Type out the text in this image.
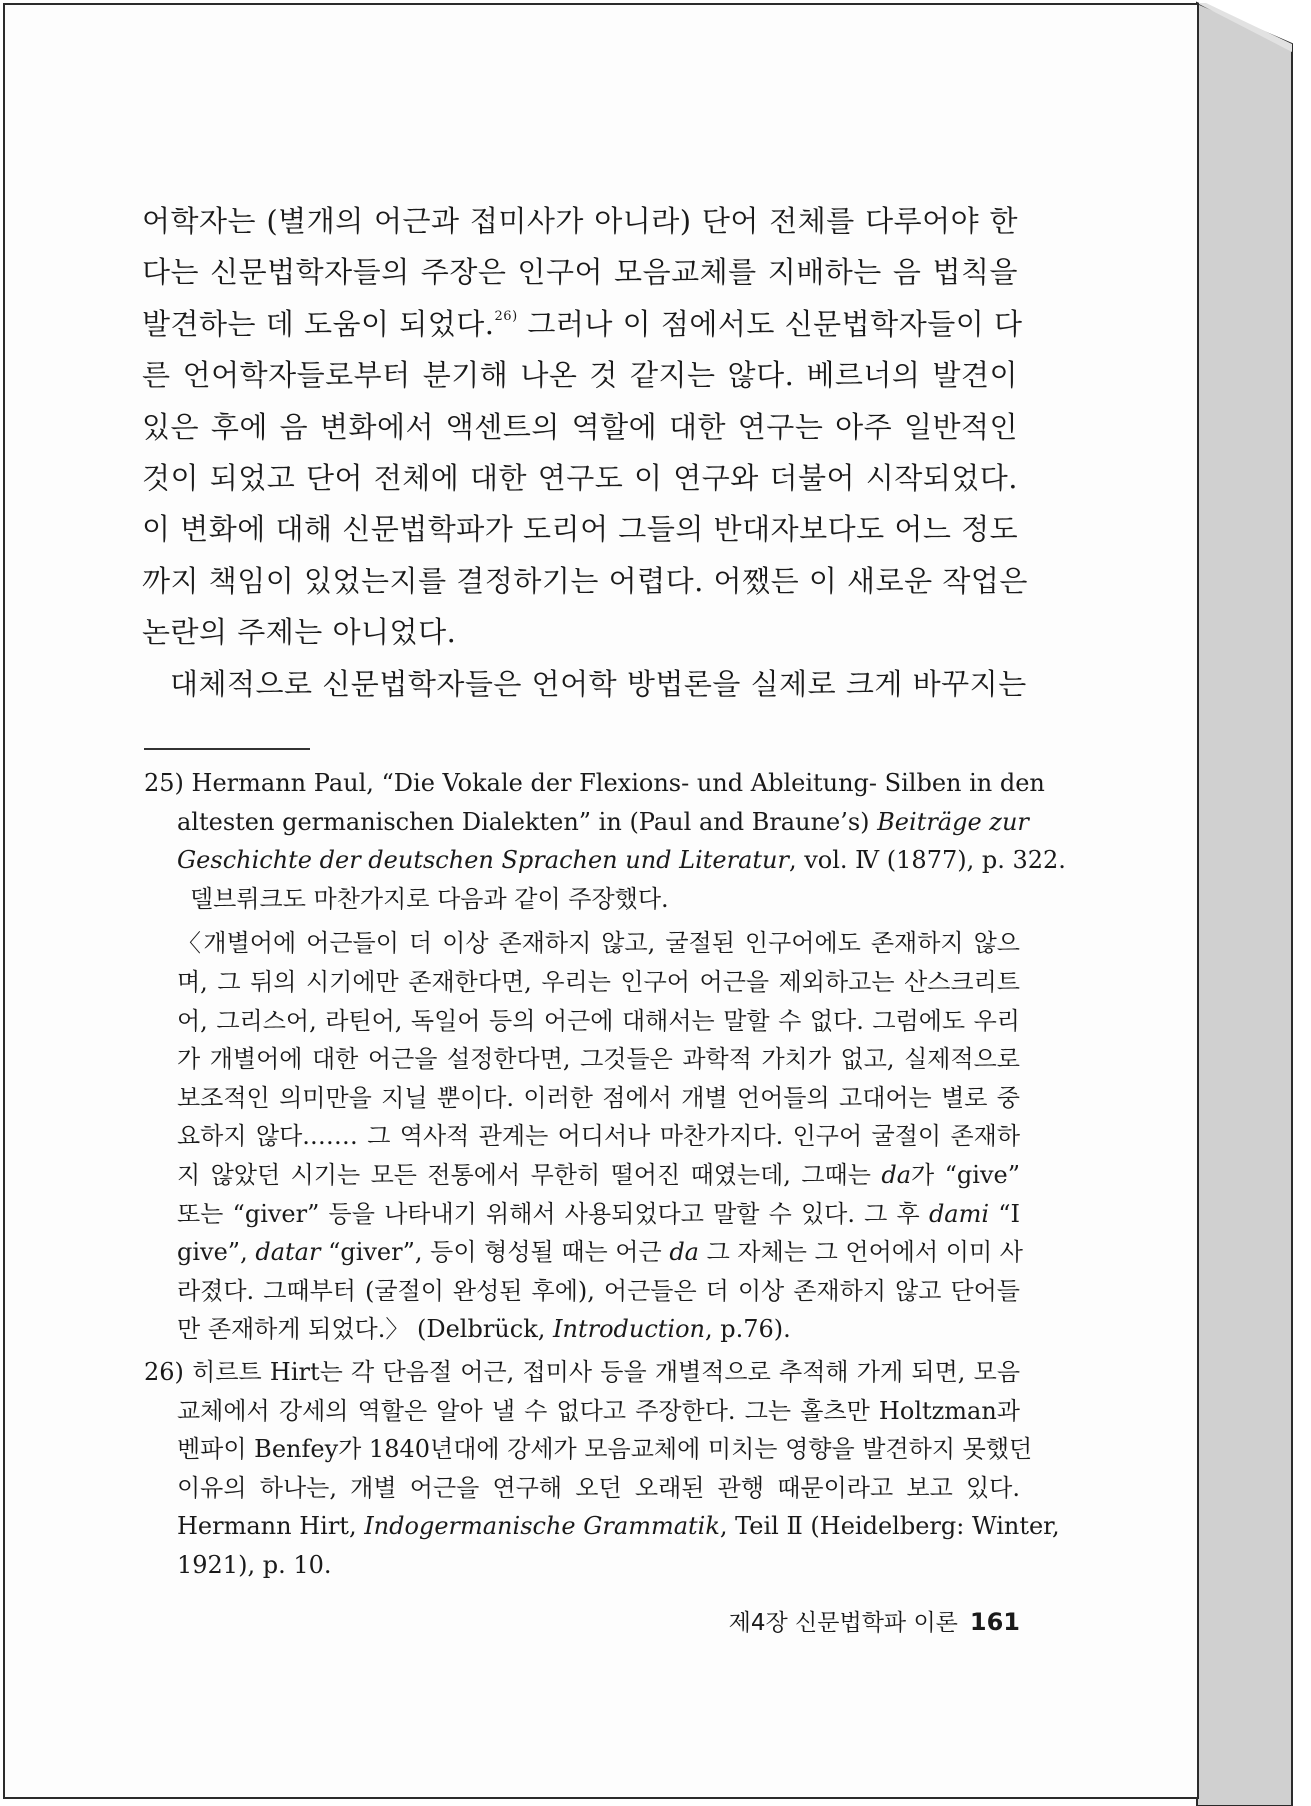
어학자는 (별개의 어근과 접미사가 아니라) 단어 전체를 다루어야 한
다는 신문법학자들의 주장은 인구어 모음교체를 지배하는 음 법칙을
발견하는 데 도움이 되었다.$^{26)}$ 그러나 이 점에서도 신문법학자들이 다
른 언어학자들로부터 분기해 나온 것 같지는 않다. 베르너의 발견이
있은 후에 음 변화에서 액센트의 역할에 대한 연구는 아주 일반적인
것이 되었고 단어 전체에 대한 연구도 이 연구와 더불어 시작되었다.
이 변화에 대해 신문법학파가 도리어 그들의 반대자보다도 어느 정도
까지 책임이 있었는지를 결정하기는 어렵다. 어쨌든 이 새로운 작업은
논란의 주제는 아니었다.
대체적으로 신문법학자들은 언어학 방법론을 실제로 크게 바꾸지는
25) Hermann Paul, “Die Vokale der Flexions- und Ableitung- Silben in den
altesten germanischen Dialekten” in (Paul and Braune’s) Beiträge zur
Geschichte der deutschen Sprachen und Literatur, vol. Ⅳ (1877), p. 322.
델브뤼크도 마찬가지로 다음과 같이 주장했다.
〈개별어에 어근들이 더 이상 존재하지 않고, 굴절된 인구어에도 존재하지 않으
며, 그 뒤의 시기에만 존재한다면, 우리는 인구어 어근을 제외하고는 산스크리트
어, 그리스어, 라틴어, 독일어 등의 어근에 대해서는 말할 수 없다. 그럼에도 우리
가 개별어에 대한 어근을 설정한다면, 그것들은 과학적 가치가 없고, 실제적으로
보조적인 의미만을 지닐 뿐이다. 이러한 점에서 개별 언어들의 고대어는 별로 중
요하지 않다.…… 그 역사적 관계는 어디서나 마찬가지다. 인구어 굴절이 존재하
지 않았던 시기는 모든 전통에서 무한히 떨어진 때였는데, 그때는 da가 “give”
또는 “giver” 등을 나타내기 위해서 사용되었다고 말할 수 있다. 그 후 dami “I
give”, datar “giver”, 등이 형성될 때는 어근 da 그 자체는 그 언어에서 이미 사
라졌다. 그때부터 (굴절이 완성된 후에), 어근들은 더 이상 존재하지 않고 단어들
만 존재하게 되었다.〉 (Delbrück, Introduction, p.76).
26) 히르트 Hirt는 각 단음절 어근, 접미사 등을 개별적으로 추적해 가게 되면, 모음
교체에서 강세의 역할은 알아 낼 수 없다고 주장한다. 그는 홀츠만 Holtzman과
벤파이 Benfey가 1840년대에 강세가 모음교체에 미치는 영향을 발견하지 못했던
이유의 하나는, 개별 어근을 연구해 오던 오래된 관행 때문이라고 보고 있다.
Hermann Hirt, Indogermanische Grammatik, Teil Ⅱ (Heidelberg: Winter,
1921), p. 10.
제4장 신문법학파 이론 161
